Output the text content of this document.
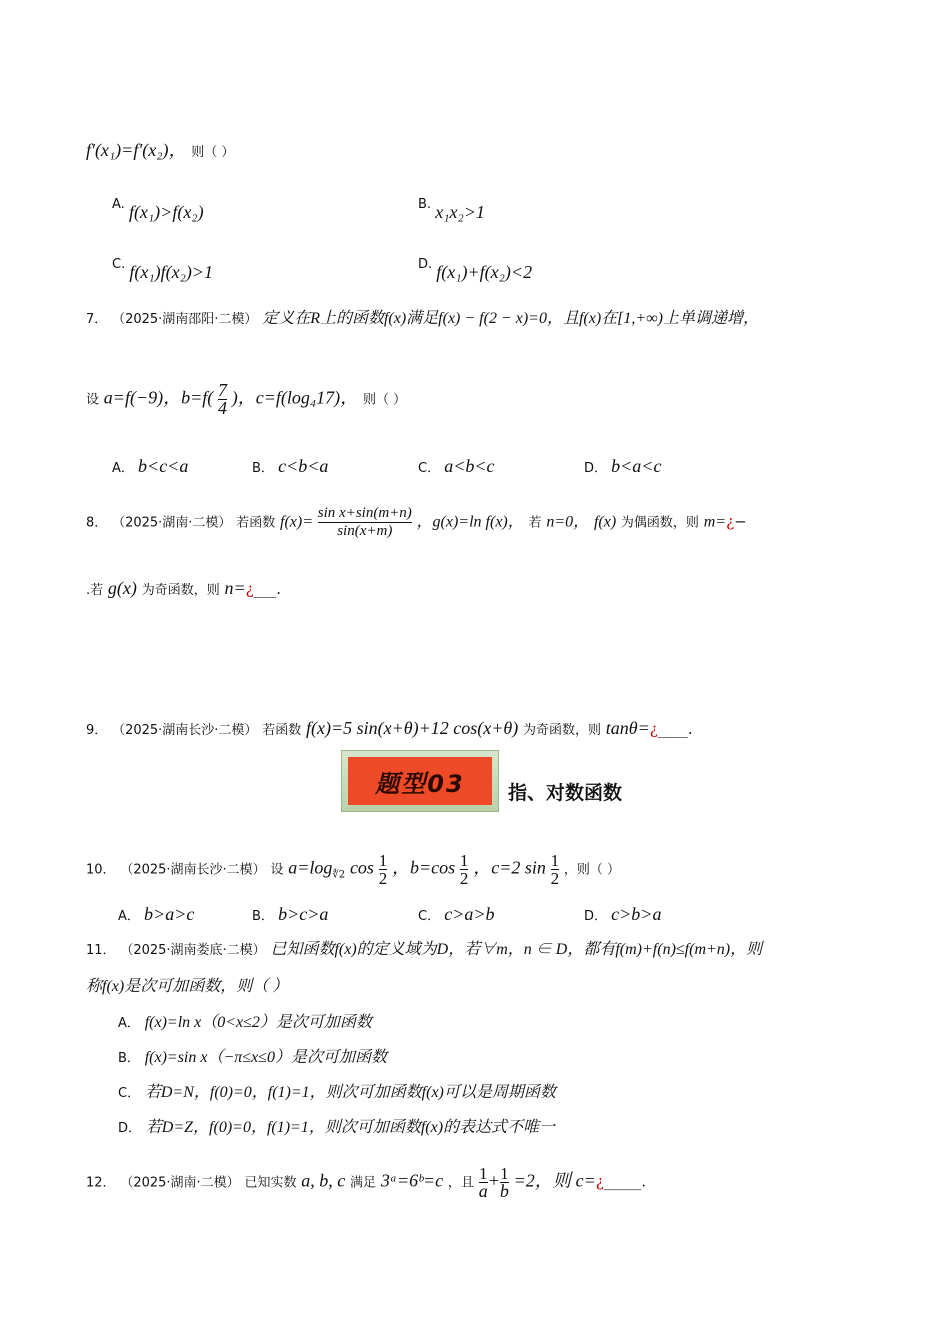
f′(x₁)=f′(x₂)， 则（ ）
A. f(x₁)>f(x₂)	B. x₁x₂>1
C. f(x₁)f(x₂)>1	D. f(x₁)+f(x₂)<2
7． （2025·湖南邵阳·二模） 定义在R上的函数f(x)满足f(x) − f(2 − x)=0，且f(x)在[1,+∞)上单调递增，
设 a=f(−9)，$b=f( \frac{7}{4}$ )，c=f(log₄17)， 则（ ）
A． b<c<a	B． c<b<a	C． a<b<c	D． b<a<c
8． （2025·湖南·二模） 若函数 $f(x)= \frac{\text{sin x+sin(m+n)}}{\sin(x+m)}$ ，g(x)=ln f(x)， 若 n=0， f(x) 为偶函数，则 m=¿−
.若 g(x) 为奇函数，则 n=¿___.
9． （2025·湖南长沙·二模） 若函数 f(x)=5 sin(x+θ)+12 cos(x+θ) 为奇函数，则 tanθ=¿____.
题型03	指、对数函数
10． （2025·湖南长沙·二模） 设 $a=\log_{∜2}$ $\cos \frac{1}{2}$ ，$b=\cos \frac{1}{2}$ ，c=2 $\sin \frac{1}{2}$ ，则（ ）
A． b>a>c	B． b>c>a	C． c>a>b	D． c>b>a
11． （2025·湖南娄底·二模） 已知函数f(x)的定义域为D，若∀m，n ∈ D，都有f(m)+f(n)≤f(m+n)，则
称f(x)是次可加函数，则（ ）
A． f(x)=ln x（0<x≤2）是次可加函数
B． f(x)=sin x（−π≤x≤0）是次可加函数
C． 若D=N，f(0)=0，f(1)=1，则次可加函数f(x)可以是周期函数
D． 若D=Z，f(0)=0，f(1)=1，则次可加函数f(x)的表达式不唯一
12． （2025·湖南·二模） 已知实数 a, b, c 满足 3ᵃ=6ᵇ=c ，且 $\frac{1}{a} + \frac{1}{b} =2$，则 c=¿_____.
